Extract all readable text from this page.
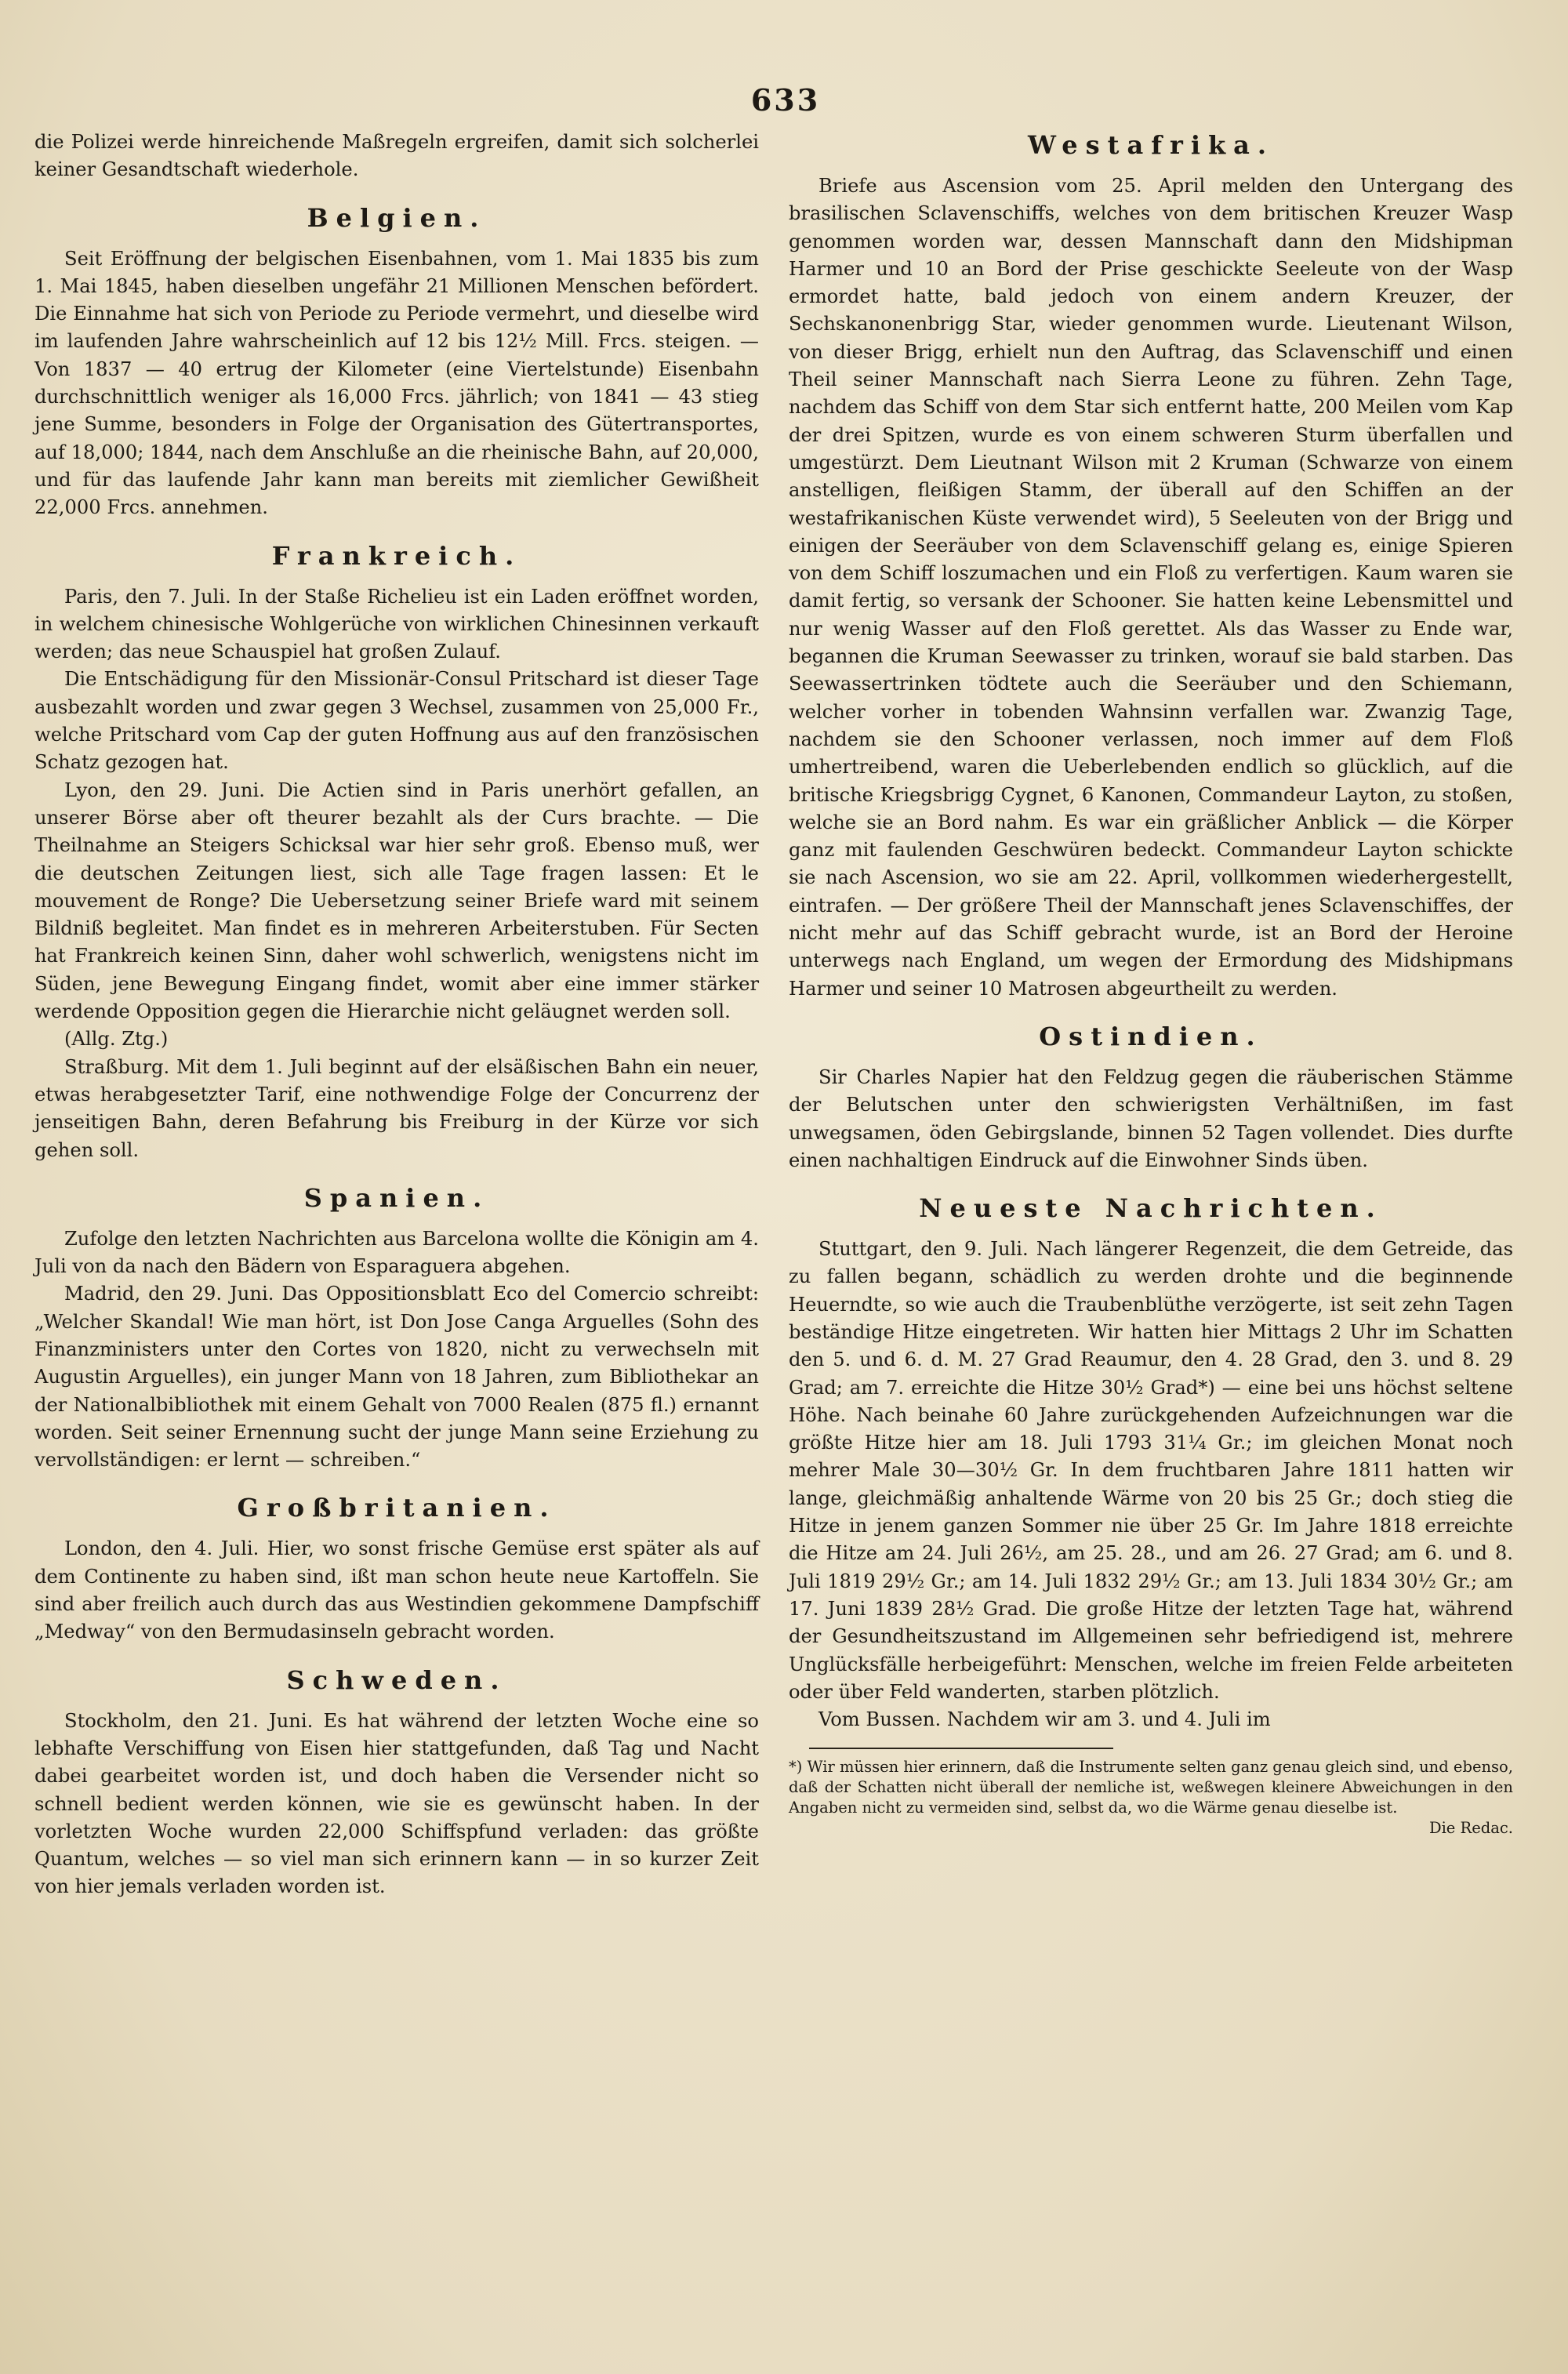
633

die Polizei werde hinreichende Maßregeln ergreifen, damit sich solcherlei keiner Gesandtschaft wiederhole.

Belgien.

Seit Eröffnung der belgischen Eisenbahnen, vom 1. Mai 1835 bis zum 1. Mai 1845, haben dieselben ungefähr 21 Millionen Menschen befördert. Die Einnahme hat sich von Periode zu Periode vermehrt, und dieselbe wird im laufenden Jahre wahrscheinlich auf 12 bis 12½ Mill. Frcs. steigen. — Von 1837 — 40 ertrug der Kilometer (eine Viertelstunde) Eisenbahn durchschnittlich weniger als 16,000 Frcs. jährlich; von 1841 — 43 stieg jene Summe, besonders in Folge der Organisation des Gütertransportes, auf 18,000; 1844, nach dem Anschluße an die rheinische Bahn, auf 20,000, und für das laufende Jahr kann man bereits mit ziemlicher Gewißheit 22,000 Frcs. annehmen.

Frankreich.

Paris, den 7. Juli. In der Staße Richelieu ist ein Laden eröffnet worden, in welchem chinesische Wohlgerüche von wirklichen Chinesinnen verkauft werden; das neue Schauspiel hat großen Zulauf.

Die Entschädigung für den Missionär-Consul Pritschard ist dieser Tage ausbezahlt worden und zwar gegen 3 Wechsel, zusammen von 25,000 Fr., welche Pritschard vom Cap der guten Hoffnung aus auf den französischen Schatz gezogen hat.

Lyon, den 29. Juni. Die Actien sind in Paris unerhört gefallen, an unserer Börse aber oft theurer bezahlt als der Curs brachte. — Die Theilnahme an Steigers Schicksal war hier sehr groß. Ebenso muß, wer die deutschen Zeitungen liest, sich alle Tage fragen lassen: Et le mouvement de Ronge? Die Uebersetzung seiner Briefe ward mit seinem Bildniß begleitet. Man findet es in mehreren Arbeiterstuben. Für Secten hat Frankreich keinen Sinn, daher wohl schwerlich, wenigstens nicht im Süden, jene Bewegung Eingang findet, womit aber eine immer stärker werdende Opposition gegen die Hierarchie nicht geläugnet werden soll.

(Allg. Ztg.)

Straßburg. Mit dem 1. Juli beginnt auf der elsäßischen Bahn ein neuer, etwas herabgesetzter Tarif, eine nothwendige Folge der Concurrenz der jenseitigen Bahn, deren Befahrung bis Freiburg in der Kürze vor sich gehen soll.

Spanien.

Zufolge den letzten Nachrichten aus Barcelona wollte die Königin am 4. Juli von da nach den Bädern von Esparaguera abgehen.

Madrid, den 29. Juni. Das Oppositionsblatt Eco del Comercio schreibt: „Welcher Skandal! Wie man hört, ist Don Jose Canga Arguelles (Sohn des Finanzministers unter den Cortes von 1820, nicht zu verwechseln mit Augustin Arguelles), ein junger Mann von 18 Jahren, zum Bibliothekar an der Nationalbibliothek mit einem Gehalt von 7000 Realen (875 fl.) ernannt worden. Seit seiner Ernennung sucht der junge Mann seine Erziehung zu vervollständigen: er lernt — schreiben.“

Großbritanien.

London, den 4. Juli. Hier, wo sonst frische Gemüse erst später als auf dem Continente zu haben sind, ißt man schon heute neue Kartoffeln. Sie sind aber freilich auch durch das aus Westindien gekommene Dampfschiff „Medway“ von den Bermudasinseln gebracht worden.

Schweden.

Stockholm, den 21. Juni. Es hat während der letzten Woche eine so lebhafte Verschiffung von Eisen hier stattgefunden, daß Tag und Nacht dabei gearbeitet worden ist, und doch haben die Versender nicht so schnell bedient werden können, wie sie es gewünscht haben. In der vorletzten Woche wurden 22,000 Schiffspfund verladen: das größte Quantum, welches — so viel man sich erinnern kann — in so kurzer Zeit von hier jemals verladen worden ist.

Westafrika.

Briefe aus Ascension vom 25. April melden den Untergang des brasilischen Sclavenschiffs, welches von dem britischen Kreuzer Wasp genommen worden war, dessen Mannschaft dann den Midshipman Harmer und 10 an Bord der Prise geschickte Seeleute von der Wasp ermordet hatte, bald jedoch von einem andern Kreuzer, der Sechskanonenbrigg Star, wieder genommen wurde. Lieutenant Wilson, von dieser Brigg, erhielt nun den Auftrag, das Sclavenschiff und einen Theil seiner Mannschaft nach Sierra Leone zu führen. Zehn Tage, nachdem das Schiff von dem Star sich entfernt hatte, 200 Meilen vom Kap der drei Spitzen, wurde es von einem schweren Sturm überfallen und umgestürzt. Dem Lieutnant Wilson mit 2 Kruman (Schwarze von einem anstelligen, fleißigen Stamm, der überall auf den Schiffen an der westafrikanischen Küste verwendet wird), 5 Seeleuten von der Brigg und einigen der Seeräuber von dem Sclavenschiff gelang es, einige Spieren von dem Schiff loszumachen und ein Floß zu verfertigen. Kaum waren sie damit fertig, so versank der Schooner. Sie hatten keine Lebensmittel und nur wenig Wasser auf den Floß gerettet. Als das Wasser zu Ende war, begannen die Kruman Seewasser zu trinken, worauf sie bald starben. Das Seewassertrinken tödtete auch die Seeräuber und den Schiemann, welcher vorher in tobenden Wahnsinn verfallen war. Zwanzig Tage, nachdem sie den Schooner verlassen, noch immer auf dem Floß umhertreibend, waren die Ueberlebenden endlich so glücklich, auf die britische Kriegsbrigg Cygnet, 6 Kanonen, Commandeur Layton, zu stoßen, welche sie an Bord nahm. Es war ein gräßlicher Anblick — die Körper ganz mit faulenden Geschwüren bedeckt. Commandeur Layton schickte sie nach Ascension, wo sie am 22. April, vollkommen wiederhergestellt, eintrafen. — Der größere Theil der Mannschaft jenes Sclavenschiffes, der nicht mehr auf das Schiff gebracht wurde, ist an Bord der Heroine unterwegs nach England, um wegen der Ermordung des Midshipmans Harmer und seiner 10 Matrosen abgeurtheilt zu werden.

Ostindien.

Sir Charles Napier hat den Feldzug gegen die räuberischen Stämme der Belutschen unter den schwierigsten Verhältnißen, im fast unwegsamen, öden Gebirgslande, binnen 52 Tagen vollendet. Dies durfte einen nachhaltigen Eindruck auf die Einwohner Sinds üben.

Neueste Nachrichten.

Stuttgart, den 9. Juli. Nach längerer Regenzeit, die dem Getreide, das zu fallen begann, schädlich zu werden drohte und die beginnende Heuerndte, so wie auch die Traubenblüthe verzögerte, ist seit zehn Tagen beständige Hitze eingetreten. Wir hatten hier Mittags 2 Uhr im Schatten den 5. und 6. d. M. 27 Grad Reaumur, den 4. 28 Grad, den 3. und 8. 29 Grad; am 7. erreichte die Hitze 30½ Grad*) — eine bei uns höchst seltene Höhe. Nach beinahe 60 Jahre zurückgehenden Aufzeichnungen war die größte Hitze hier am 18. Juli 1793 31¼ Gr.; im gleichen Monat noch mehrer Male 30—30½ Gr. In dem fruchtbaren Jahre 1811 hatten wir lange, gleichmäßig anhaltende Wärme von 20 bis 25 Gr.; doch stieg die Hitze in jenem ganzen Sommer nie über 25 Gr. Im Jahre 1818 erreichte die Hitze am 24. Juli 26½, am 25. 28., und am 26. 27 Grad; am 6. und 8. Juli 1819 29½ Gr.; am 14. Juli 1832 29½ Gr.; am 13. Juli 1834 30½ Gr.; am 17. Juni 1839 28½ Grad. Die große Hitze der letzten Tage hat, während der Gesundheitszustand im Allgemeinen sehr befriedigend ist, mehrere Unglücksfälle herbeigeführt: Menschen, welche im freien Felde arbeiteten oder über Feld wanderten, starben plötzlich.

Vom Bussen. Nachdem wir am 3. und 4. Juli im

*) Wir müssen hier erinnern, daß die Instrumente selten ganz genau gleich sind, und ebenso, daß der Schatten nicht überall der nemliche ist, weßwegen kleinere Abweichungen in den Angaben nicht zu vermeiden sind, selbst da, wo die Wärme genau dieselbe ist.

Die Redac.
